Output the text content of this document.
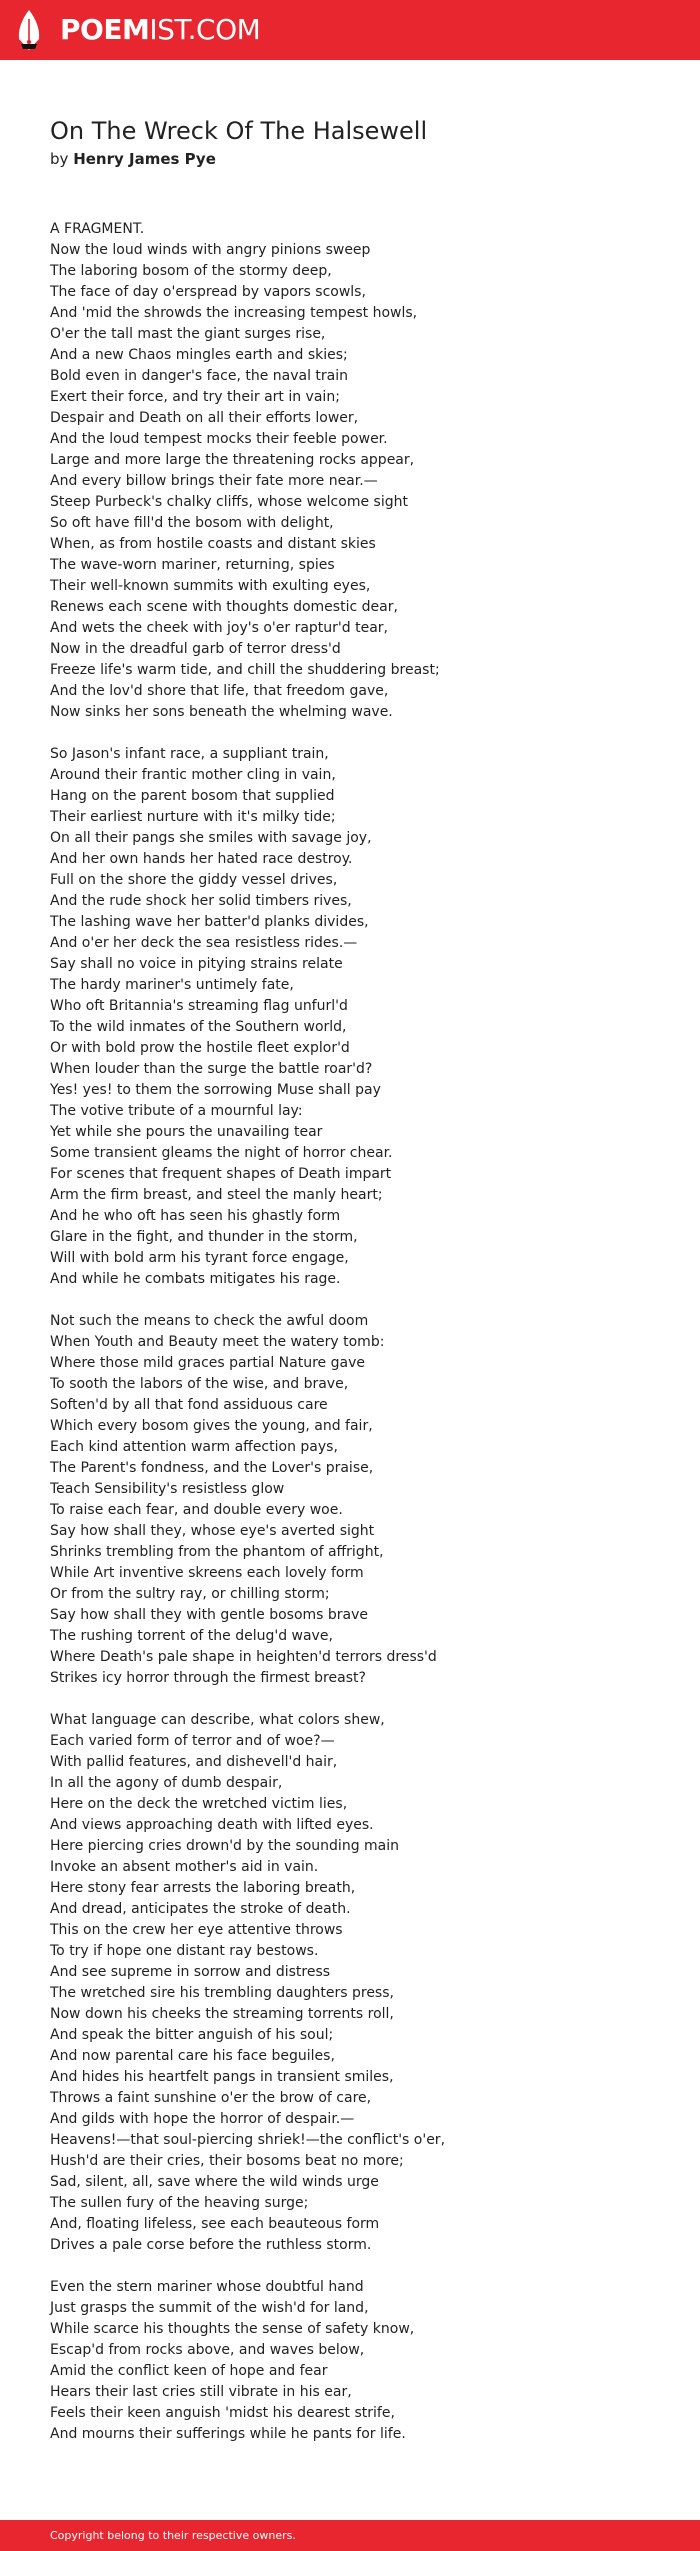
POEMIST.COM
On The Wreck Of The Halsewell
by Henry James Pye
A FRAGMENT.
Now the loud winds with angry pinions sweep
The laboring bosom of the stormy deep,
The face of day o'erspread by vapors scowls,
And 'mid the shrowds the increasing tempest howls,
O'er the tall mast the giant surges rise,
And a new Chaos mingles earth and skies;
Bold even in danger's face, the naval train
Exert their force, and try their art in vain;
Despair and Death on all their efforts lower,
And the loud tempest mocks their feeble power.
Large and more large the threatening rocks appear,
And every billow brings their fate more near.—
Steep Purbeck's chalky cliffs, whose welcome sight
So oft have fill'd the bosom with delight,
When, as from hostile coasts and distant skies
The wave-worn mariner, returning, spies
Their well-known summits with exulting eyes,
Renews each scene with thoughts domestic dear,
And wets the cheek with joy's o'er raptur'd tear,
Now in the dreadful garb of terror dress'd
Freeze life's warm tide, and chill the shuddering breast;
And the lov'd shore that life, that freedom gave,
Now sinks her sons beneath the whelming wave.
So Jason's infant race, a suppliant train,
Around their frantic mother cling in vain,
Hang on the parent bosom that supplied
Their earliest nurture with it's milky tide;
On all their pangs she smiles with savage joy,
And her own hands her hated race destroy.
Full on the shore the giddy vessel drives,
And the rude shock her solid timbers rives,
The lashing wave her batter'd planks divides,
And o'er her deck the sea resistless rides.—
Say shall no voice in pitying strains relate
The hardy mariner's untimely fate,
Who oft Britannia's streaming flag unfurl'd
To the wild inmates of the Southern world,
Or with bold prow the hostile fleet explor'd
When louder than the surge the battle roar'd?
Yes! yes! to them the sorrowing Muse shall pay
The votive tribute of a mournful lay:
Yet while she pours the unavailing tear
Some transient gleams the night of horror chear.
For scenes that frequent shapes of Death impart
Arm the firm breast, and steel the manly heart;
And he who oft has seen his ghastly form
Glare in the fight, and thunder in the storm,
Will with bold arm his tyrant force engage,
And while he combats mitigates his rage.
Not such the means to check the awful doom
When Youth and Beauty meet the watery tomb:
Where those mild graces partial Nature gave
To sooth the labors of the wise, and brave,
Soften'd by all that fond assiduous care
Which every bosom gives the young, and fair,
Each kind attention warm affection pays,
The Parent's fondness, and the Lover's praise,
Teach Sensibility's resistless glow
To raise each fear, and double every woe.
Say how shall they, whose eye's averted sight
Shrinks trembling from the phantom of affright,
While Art inventive skreens each lovely form
Or from the sultry ray, or chilling storm;
Say how shall they with gentle bosoms brave
The rushing torrent of the delug'd wave,
Where Death's pale shape in heighten'd terrors dress'd
Strikes icy horror through the firmest breast?
What language can describe, what colors shew,
Each varied form of terror and of woe?—
With pallid features, and dishevell'd hair,
In all the agony of dumb despair,
Here on the deck the wretched victim lies,
And views approaching death with lifted eyes.
Here piercing cries drown'd by the sounding main
Invoke an absent mother's aid in vain.
Here stony fear arrests the laboring breath,
And dread, anticipates the stroke of death.
This on the crew her eye attentive throws
To try if hope one distant ray bestows.
And see supreme in sorrow and distress
The wretched sire his trembling daughters press,
Now down his cheeks the streaming torrents roll,
And speak the bitter anguish of his soul;
And now parental care his face beguiles,
And hides his heartfelt pangs in transient smiles,
Throws a faint sunshine o'er the brow of care,
And gilds with hope the horror of despair.—
Heavens!—that soul-piercing shriek!—the conflict's o'er,
Hush'd are their cries, their bosoms beat no more;
Sad, silent, all, save where the wild winds urge
The sullen fury of the heaving surge;
And, floating lifeless, see each beauteous form
Drives a pale corse before the ruthless storm.
Even the stern mariner whose doubtful hand
Just grasps the summit of the wish'd for land,
While scarce his thoughts the sense of safety know,
Escap'd from rocks above, and waves below,
Amid the conflict keen of hope and fear
Hears their last cries still vibrate in his ear,
Feels their keen anguish 'midst his dearest strife,
And mourns their sufferings while he pants for life.
Copyright belong to their respective owners.
